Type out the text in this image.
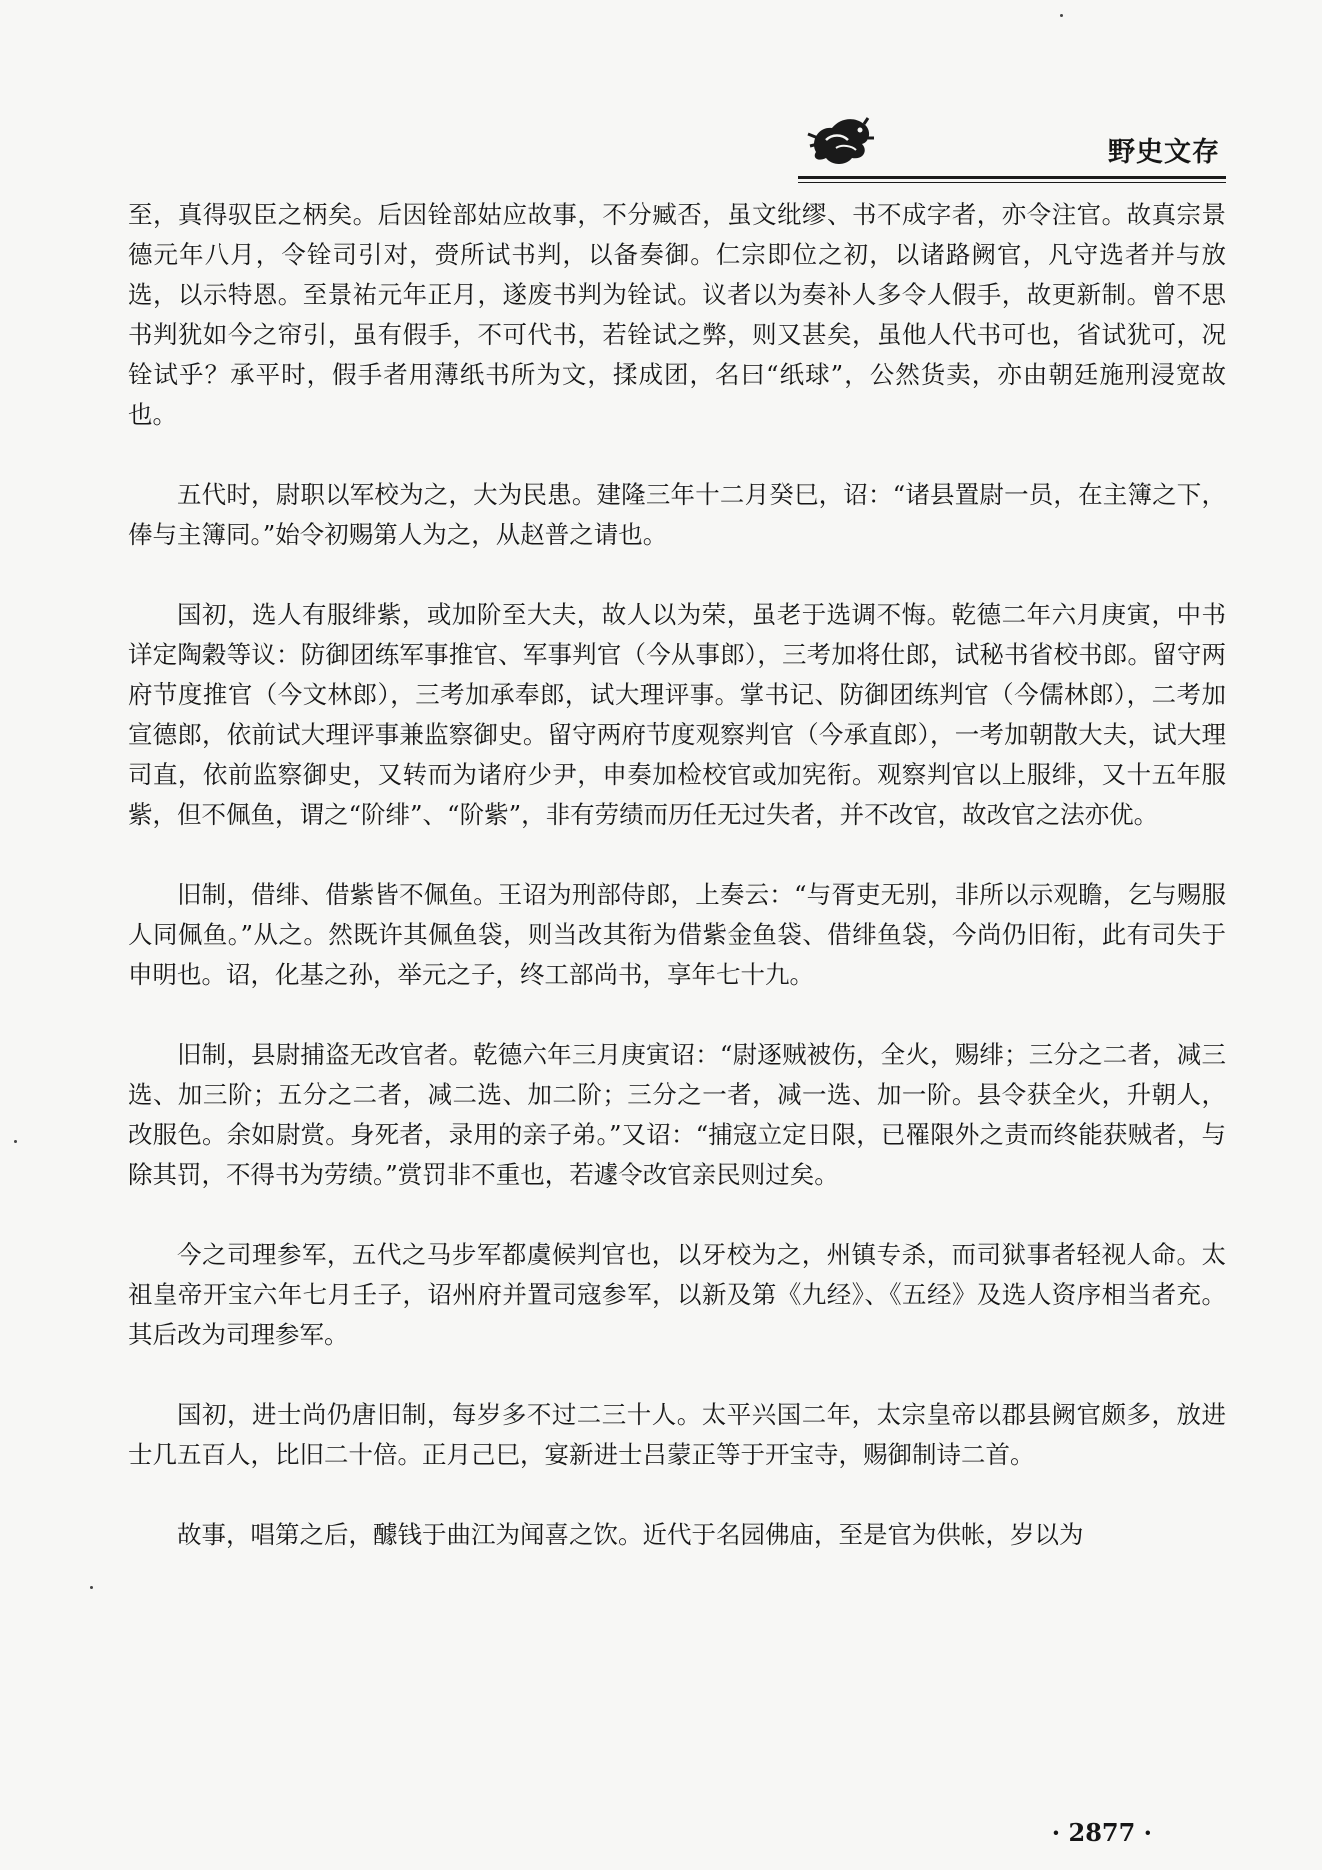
野史文存

至，真得驭臣之柄矣。后因铨部姑应故事，不分臧否，虽文纰缪、书不成字者，亦令注官。故真宗景德元年八月，令铨司引对，赍所试书判，以备奏御。仁宗即位之初，以诸路阙官，凡守选者并与放选，以示特恩。至景祐元年正月，遂废书判为铨试。议者以为奏补人多令人假手，故更新制。曾不思书判犹如今之帘引，虽有假手，不可代书，若铨试之弊，则又甚矣，虽他人代书可也，省试犹可，况铨试乎？承平时，假手者用薄纸书所为文，揉成团，名曰“纸球”，公然货卖，亦由朝廷施刑浸宽故也。

五代时，尉职以军校为之，大为民患。建隆三年十二月癸巳，诏：“诸县置尉一员，在主簿之下，俸与主簿同。”始令初赐第人为之，从赵普之请也。

国初，选人有服绯紫，或加阶至大夫，故人以为荣，虽老于选调不悔。乾德二年六月庚寅，中书详定陶穀等议：防御团练军事推官、军事判官（今从事郎），三考加将仕郎，试秘书省校书郎。留守两府节度推官（今文林郎），三考加承奉郎，试大理评事。掌书记、防御团练判官（今儒林郎），二考加宣德郎，依前试大理评事兼监察御史。留守两府节度观察判官（今承直郎），一考加朝散大夫，试大理司直，依前监察御史，又转而为诸府少尹，申奏加检校官或加宪衔。观察判官以上服绯，又十五年服紫，但不佩鱼，谓之“阶绯”、“阶紫”，非有劳绩而历任无过失者，并不改官，故改官之法亦优。

旧制，借绯、借紫皆不佩鱼。王诏为刑部侍郎，上奏云：“与胥吏无别，非所以示观瞻，乞与赐服人同佩鱼。”从之。然既许其佩鱼袋，则当改其衔为借紫金鱼袋、借绯鱼袋，今尚仍旧衔，此有司失于申明也。诏，化基之孙，举元之子，终工部尚书，享年七十九。

旧制，县尉捕盗无改官者。乾德六年三月庚寅诏：“尉逐贼被伤，全火，赐绯；三分之二者，减三选、加三阶；五分之二者，减二选、加二阶；三分之一者，减一选、加一阶。县令获全火，升朝人，改服色。余如尉赏。身死者，录用的亲子弟。”又诏：“捕寇立定日限，已罹限外之责而终能获贼者，与除其罚，不得书为劳绩。”赏罚非不重也，若遽令改官亲民则过矣。

今之司理参军，五代之马步军都虞候判官也，以牙校为之，州镇专杀，而司狱事者轻视人命。太祖皇帝开宝六年七月壬子，诏州府并置司寇参军，以新及第《九经》、《五经》及选人资序相当者充。其后改为司理参军。

国初，进士尚仍唐旧制，每岁多不过二三十人。太平兴国二年，太宗皇帝以郡县阙官颇多，放进士几五百人，比旧二十倍。正月己巳，宴新进士吕蒙正等于开宝寺，赐御制诗二首。

故事，唱第之后，醵钱于曲江为闻喜之饮。近代于名园佛庙，至是官为供帐，岁以为

· 2877 ·
